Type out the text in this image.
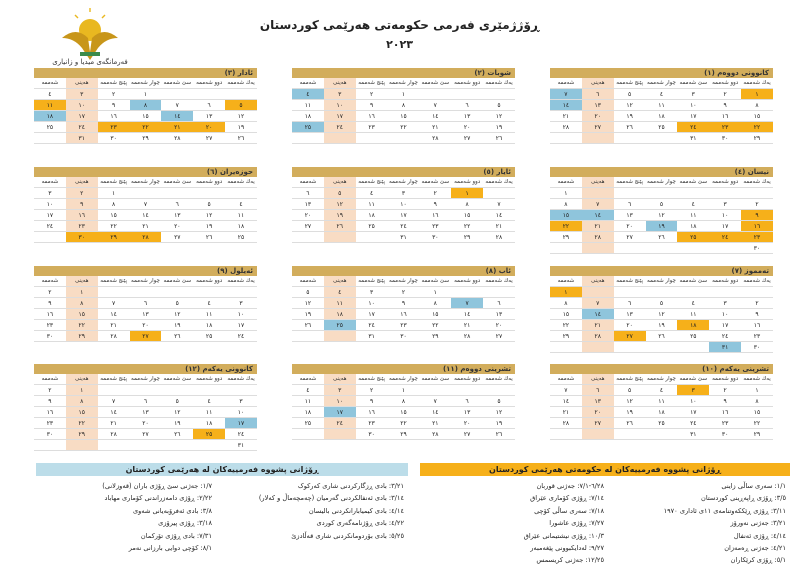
فەرمانگەی میدیا و زانیاری
ڕۆژژمێری فەرمی حکومەتی هەرێمی کوردستان
٢٠٢٣
کانوونی دووەم (١)
شەممە	هەینی	پێنج شەممە	چوار شەممە	سێ شەممە	دوو شەممە	یەك شەممە
٧	٦	٥	٤	٣	٢	١
١٤	١٣	١٢	١١	١٠	٩	٨
٢١	٢٠	١٩	١٨	١٧	١٦	١٥
٢٨	٢٧	٢٦	٢٥	٢٤	٢٣	٢٢
				٣١	٣٠	٢٩
شوبات (٢)
شەممە	هەینی	پێنج شەممە	چوار شەممە	سێ شەممە	دوو شەممە	یەك شەممە
٤	٣	٢	١			
١١	١٠	٩	٨	٧	٦	٥
١٨	١٧	١٦	١٥	١٤	١٣	١٢
٢٥	٢٤	٢٣	٢٢	٢١	٢٠	١٩
				٢٨	٢٧	٢٦
ئادار (٣)
شەممە	هەینی	پێنج شەممە	چوار شەممە	سێ شەممە	دوو شەممە	یەك شەممە
٤	٣	٢	١			
١١	١٠	٩	٨	٧	٦	٥
١٨	١٧	١٦	١٥	١٤	١٣	١٢
٢٥	٢٤	٢٣	٢٢	٢١	٢٠	١٩
	٣١	٣٠	٢٩	٢٨	٢٧	٢٦
نیسان (٤)
شەممە	هەینی	پێنج شەممە	چوار شەممە	سێ شەممە	دوو شەممە	یەك شەممە
١						
٨	٧	٦	٥	٤	٣	٢
١٥	١٤	١٣	١٢	١١	١٠	٩
٢٢	٢١	٢٠	١٩	١٨	١٧	١٦
٢٩	٢٨	٢٧	٢٦	٢٥	٢٤	٢٣
						٣٠
ئایار (٥)
شەممە	هەینی	پێنج شەممە	چوار شەممە	سێ شەممە	دوو شەممە	یەك شەممە
٦	٥	٤	٣	٢	١	
١٣	١٢	١١	١٠	٩	٨	٧
٢٠	١٩	١٨	١٧	١٦	١٥	١٤
٢٧	٢٦	٢٥	٢٤	٢٣	٢٢	٢١
			٣١	٣٠	٢٩	٢٨
حوزەیران (٦)
شەممە	هەینی	پێنج شەممە	چوار شەممە	سێ شەممە	دوو شەممە	یەك شەممە
٣	٢	١				
١٠	٩	٨	٧	٦	٥	٤
١٧	١٦	١٥	١٤	١٣	١٢	١١
٢٤	٢٣	٢٢	٢١	٢٠	١٩	١٨
	٣٠	٢٩	٢٨	٢٧	٢٦	٢٥
تەمموز (٧)
شەممە	هەینی	پێنج شەممە	چوار شەممە	سێ شەممە	دوو شەممە	یەك شەممە
١						
٨	٧	٦	٥	٤	٣	٢
١٥	١٤	١٣	١٢	١١	١٠	٩
٢٢	٢١	٢٠	١٩	١٨	١٧	١٦
٢٩	٢٨	٢٧	٢٦	٢٥	٢٤	٢٣
					٣١	٣٠
ئاب (٨)
شەممە	هەینی	پێنج شەممە	چوار شەممە	سێ شەممە	دوو شەممە	یەك شەممە
٥	٤	٣	٢	١		
١٢	١١	١٠	٩	٨	٧	٦
١٩	١٨	١٧	١٦	١٥	١٤	١٣
٢٦	٢٥	٢٤	٢٣	٢٢	٢١	٢٠
		٣١	٣٠	٢٩	٢٨	٢٧
ئەیلول (٩)
شەممە	هەینی	پێنج شەممە	چوار شەممە	سێ شەممە	دوو شەممە	یەك شەممە
٢	١					
٩	٨	٧	٦	٥	٤	٣
١٦	١٥	١٤	١٣	١٢	١١	١٠
٢٣	٢٢	٢١	٢٠	١٩	١٨	١٧
٣٠	٢٩	٢٨	٢٧	٢٦	٢٥	٢٤
تشرینی یەکەم (١٠)
شەممە	هەینی	پێنج شەممە	چوار شەممە	سێ شەممە	دوو شەممە	یەك شەممە
٧	٦	٥	٤	٣	٢	١
١٤	١٣	١٢	١١	١٠	٩	٨
٢١	٢٠	١٩	١٨	١٧	١٦	١٥
٢٨	٢٧	٢٦	٢٥	٢٤	٢٣	٢٢
				٣١	٣٠	٢٩
تشرینی دووەم (١١)
شەممە	هەینی	پێنج شەممە	چوار شەممە	سێ شەممە	دوو شەممە	یەك شەممە
٤	٣	٢	١			
١١	١٠	٩	٨	٧	٦	٥
١٨	١٧	١٦	١٥	١٤	١٣	١٢
٢٥	٢٤	٢٣	٢٢	٢١	٢٠	١٩
		٣٠	٢٩	٢٨	٢٧	٢٦
کانوونی یەکەم (١٢)
شەممە	هەینی	پێنج شەممە	چوار شەممە	سێ شەممە	دوو شەممە	یەك شەممە
٢	١					
٩	٨	٧	٦	٥	٤	٣
١٦	١٥	١٤	١٣	١٢	١١	١٠
٢٣	٢٢	٢١	٢٠	١٩	١٨	١٧
٣٠	٢٩	٢٨	٢٧	٢٦	٢٥	٢٤
						٣١
ڕۆژانی پشووە فەرمییەکان لە حکومەتی هەرێمی کوردستان
١/١: سەری ساڵی زاینی
٣/٥: ڕۆژی ڕاپەڕینی کوردستان
٣/١١: ڕۆژی ڕێککەوتنامەی ١١ی ئاداری ١٩٧٠
٣/٢١: جەژنی نەورۆز
٤/١٤: ڕۆژی ئەنفال
٤/٢١: جەژنی ڕەمەزان
٥/١: ڕۆژی کرێکاران
٦/٢٨-٧/١: جەژنی قوربان
٧/١٤: ڕۆژی کۆماری عێراق
٧/١٨: سەری ساڵی کۆچی
٧/٢٧: ڕۆژی عاشورا
١٠/٣: ڕۆژی نیشتیمانی عێراق
٩/٢٧: لەدایکبوونی پێغەمبەر
١٢/٢٥: جەژنی کریسمس
ڕۆژانی پشووە فەرمییەکان لە هەرێمی کوردستان
١/٧: جەژنی سێ ڕۆژی باران (قەوزلانی)
٢/٢٢: ڕۆژی دامەزراندنی کۆماری مهاباد
٣/٨: بادی ئەفرۆبەیانی شەوی
٣/١٨: ڕۆژی پیرۆزی
٧/٣١: بادی ڕۆژی تۆرکمان
٨/١: کۆچی دوایی بارزانی نەمر
٣/٢١: بادی ڕزگارکردنی شاری کەرکوک
٣/١٤: بادی ئەنفالکردنی گەرمیان (چەمچەماڵ و کەلار)
٤/١٤: بادی کیمیابارانکردنی بالیسان
٤/٢٢: بادی ڕۆژنامەگەری کوردی
٥/٢٥: بادی بۆردومانکردنی شاری قەڵادزێ
